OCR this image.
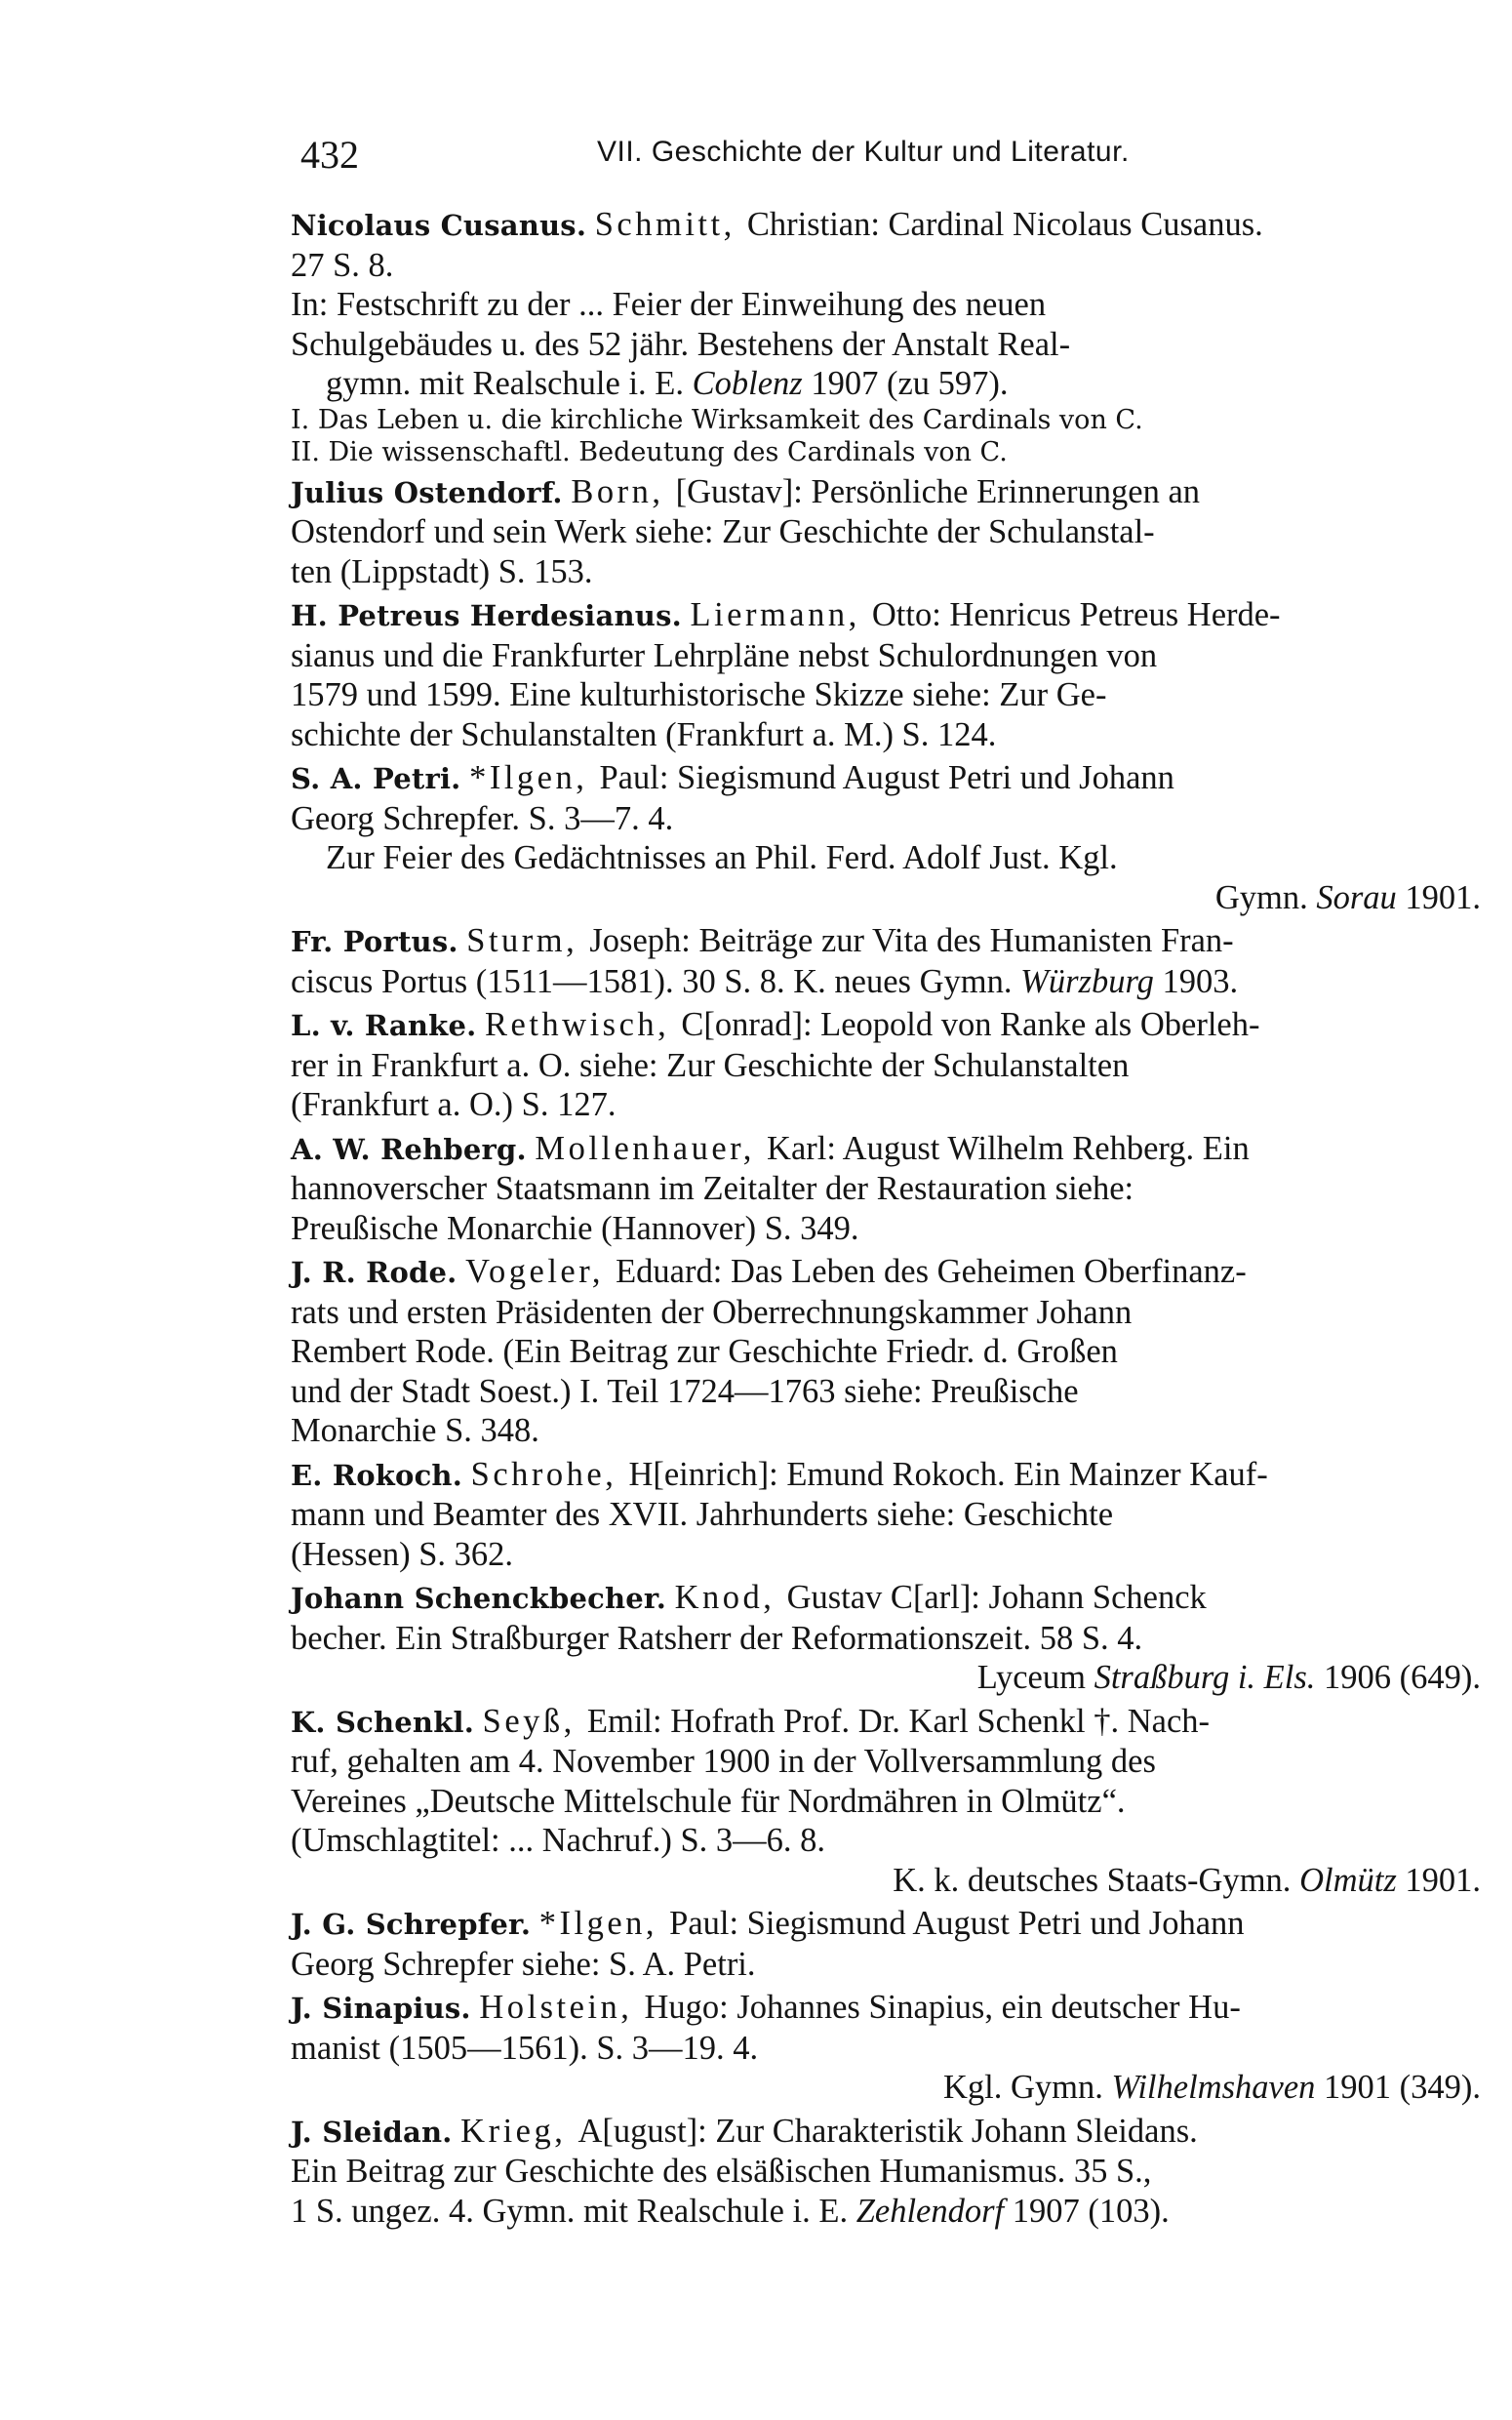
432	VII. Geschichte der Kultur und Literatur.
Nicolaus Cusanus. Schmitt, Christian: Cardinal Nicolaus Cusanus.
27 S. 8.
In: Festschrift zu der ... Feier der Einweihung des neuen
Schulgebäudes u. des 52 jähr. Bestehens der Anstalt Real-
gymn. mit Realschule i. E. Coblenz 1907 (zu 597).
I. Das Leben u. die kirchliche Wirksamkeit des Cardinals von C.
II. Die wissenschaftl. Bedeutung des Cardinals von C.
Julius Ostendorf. Born, [Gustav]: Persönliche Erinnerungen an
Ostendorf und sein Werk siehe: Zur Geschichte der Schulanstal-
ten (Lippstadt) S. 153.
H. Petreus Herdesianus. Liermann, Otto: Henricus Petreus Herde-
sianus und die Frankfurter Lehrpläne nebst Schulordnungen von
1579 und 1599. Eine kulturhistorische Skizze siehe: Zur Ge-
schichte der Schulanstalten (Frankfurt a. M.) S. 124.
S. A. Petri. *Ilgen, Paul: Siegismund August Petri und Johann
Georg Schrepfer. S. 3—7. 4.
Zur Feier des Gedächtnisses an Phil. Ferd. Adolf Just. Kgl.
Gymn. Sorau 1901.
Fr. Portus. Sturm, Joseph: Beiträge zur Vita des Humanisten Fran-
ciscus Portus (1511—1581). 30 S. 8. K. neues Gymn. Würzburg 1903.
L. v. Ranke. Rethwisch, C[onrad]: Leopold von Ranke als Oberleh-
rer in Frankfurt a. O. siehe: Zur Geschichte der Schulanstalten
(Frankfurt a. O.) S. 127.
A. W. Rehberg. Mollenhauer, Karl: August Wilhelm Rehberg. Ein
hannoverscher Staatsmann im Zeitalter der Restauration siehe:
Preußische Monarchie (Hannover) S. 349.
J. R. Rode. Vogeler, Eduard: Das Leben des Geheimen Oberfinanz-
rats und ersten Präsidenten der Oberrechnungskammer Johann
Rembert Rode. (Ein Beitrag zur Geschichte Friedr. d. Großen
und der Stadt Soest.) I. Teil 1724—1763 siehe: Preußische
Monarchie S. 348.
E. Rokoch. Schrohe, H[einrich]: Emund Rokoch. Ein Mainzer Kauf-
mann und Beamter des XVII. Jahrhunderts siehe: Geschichte
(Hessen) S. 362.
Johann Schenckbecher. Knod, Gustav C[arl]: Johann Schenck
becher. Ein Straßburger Ratsherr der Reformationszeit. 58 S. 4.
Lyceum Straßburg i. Els. 1906 (649).
K. Schenkl. Seyß, Emil: Hofrath Prof. Dr. Karl Schenkl †. Nach-
ruf, gehalten am 4. November 1900 in der Vollversammlung des
Vereines „Deutsche Mittelschule für Nordmähren in Olmütz“.
(Umschlagtitel: ... Nachruf.) S. 3—6. 8.
K. k. deutsches Staats-Gymn. Olmütz 1901.
J. G. Schrepfer. *Ilgen, Paul: Siegismund August Petri und Johann
Georg Schrepfer siehe: S. A. Petri.
J. Sinapius. Holstein, Hugo: Johannes Sinapius, ein deutscher Hu-
manist (1505—1561). S. 3—19. 4.
Kgl. Gymn. Wilhelmshaven 1901 (349).
J. Sleidan. Krieg, A[ugust]: Zur Charakteristik Johann Sleidans.
Ein Beitrag zur Geschichte des elsäßischen Humanismus. 35 S.,
1 S. ungez. 4. Gymn. mit Realschule i. E. Zehlendorf 1907 (103).
